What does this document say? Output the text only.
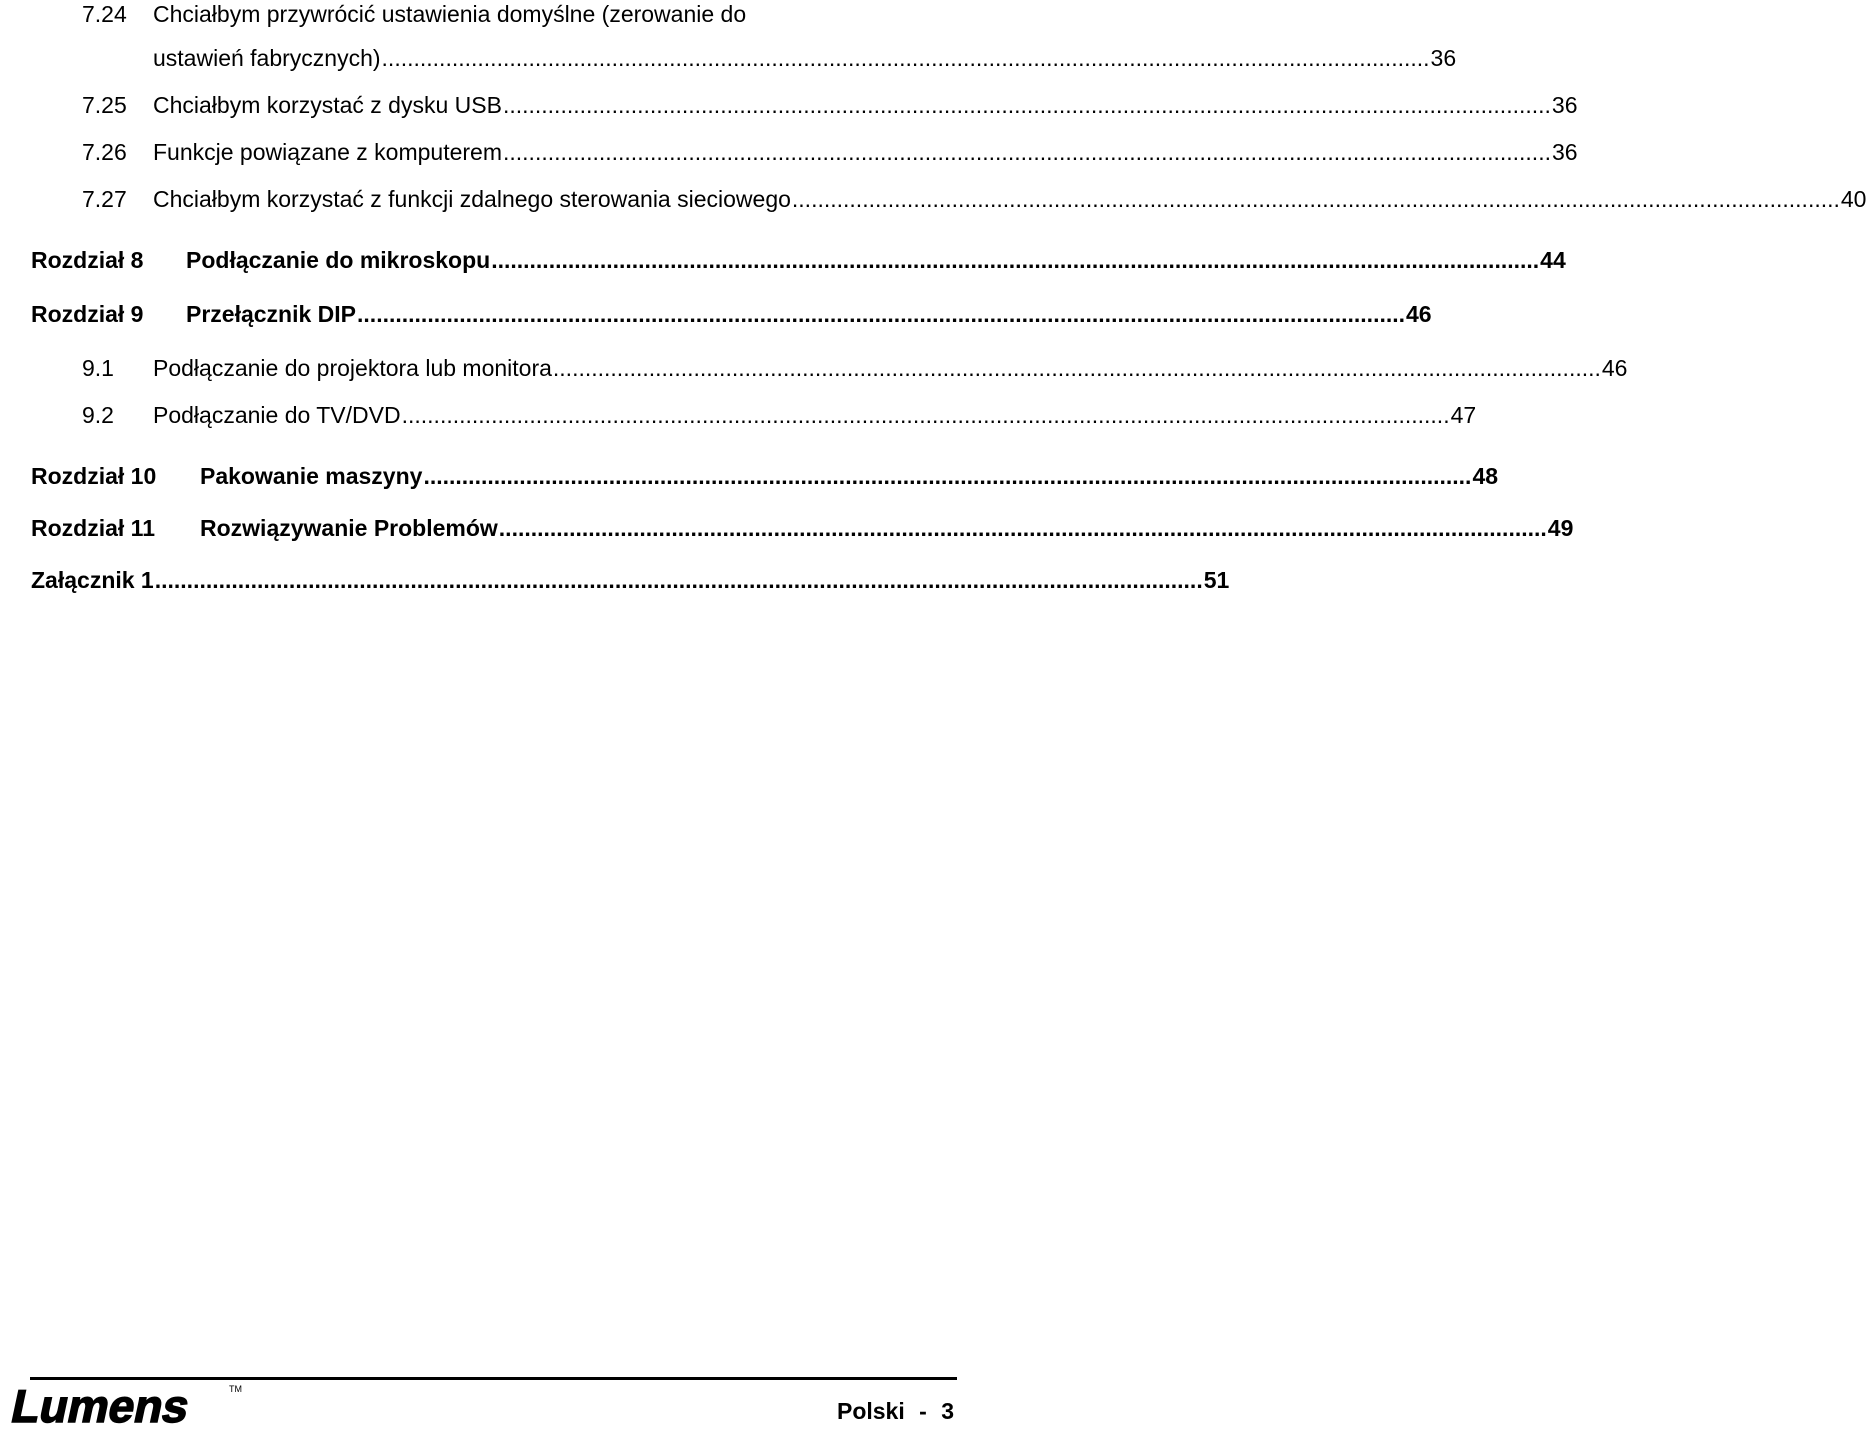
7.24 Chciałbym przywrócić ustawienia domyślne (zerowanie do
ustawień fabrycznych) .................................................................................................................................................................... 36
7.25	Chciałbym korzystać z dysku USB .................................................................................................................................................................... 36
7.26	Funkcje powiązane z komputerem .................................................................................................................................................................... 36
7.27	Chciałbym korzystać z funkcji zdalnego sterowania sieciowego .................................................................................................................................................................... 40
Rozdział 8	Podłączanie do mikroskopu .................................................................................................................................................................... 44
Rozdział 9	Przełącznik DIP .................................................................................................................................................................... 46
9.1	Podłączanie do projektora lub monitora .................................................................................................................................................................... 46
9.2	Podłączanie do TV/DVD .................................................................................................................................................................... 47
Rozdział 10	Pakowanie maszyny .................................................................................................................................................................... 48
Rozdział 11	Rozwiązywanie Problemów .................................................................................................................................................................... 49
Załącznik 1 .................................................................................................................................................................... 51
Lumens	TM
Polski - 3
